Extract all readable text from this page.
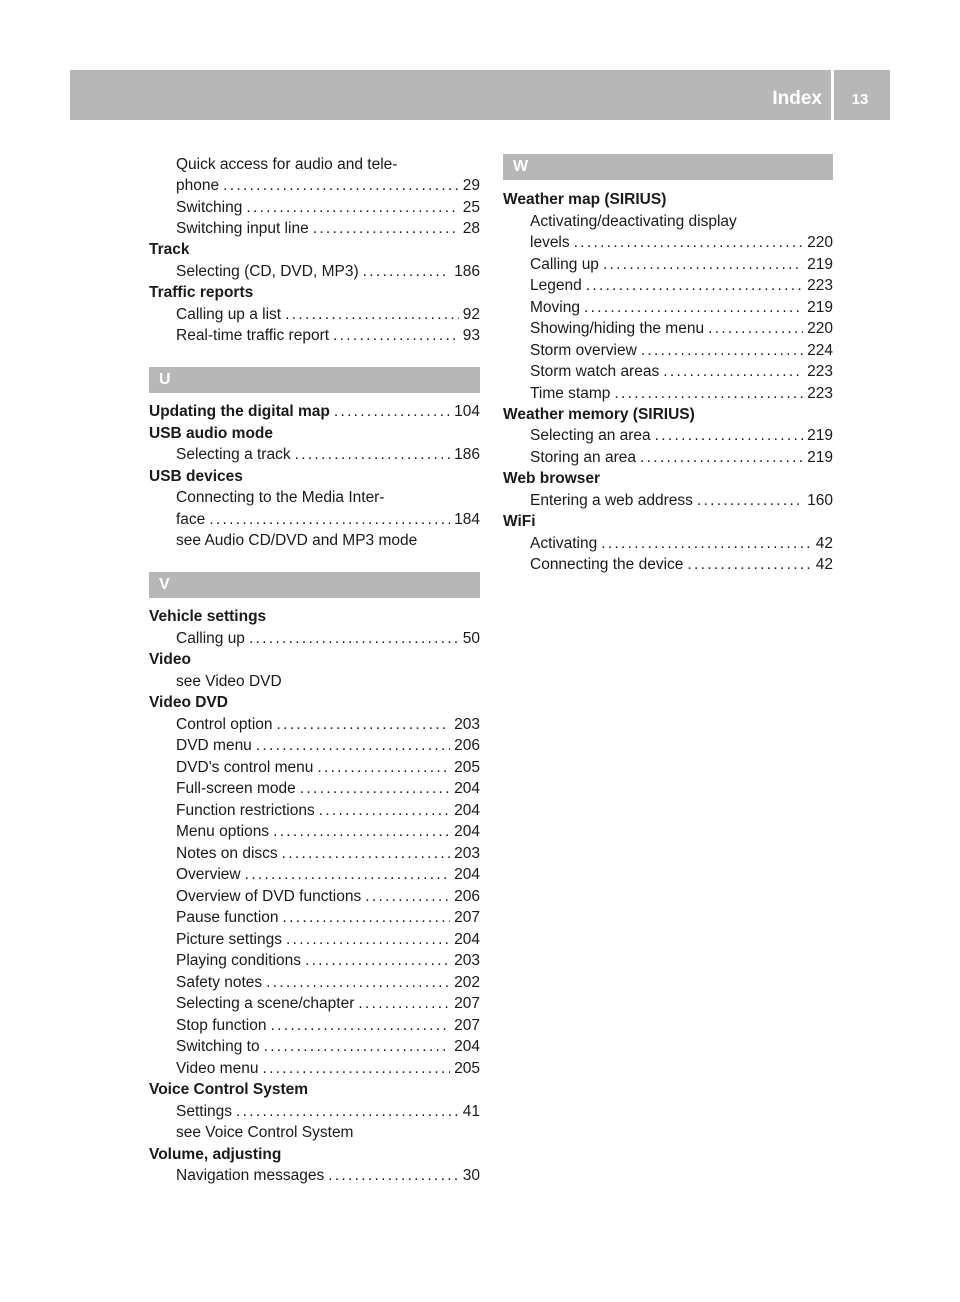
Index	13
Quick access for audio and tele-
phone . . .	29
Switching . . .	25
Switching input line . . .	28
Track
Selecting (CD, DVD, MP3) . . .	186
Traffic reports
Calling up a list . . .	92
Real-time traffic report . . .	93
U
Updating the digital map . . .	104
USB audio mode
Selecting a track . . .	186
USB devices
Connecting to the Media Inter-
face . . .	184
see Audio CD/DVD and MP3 mode
V
Vehicle settings
Calling up . . .	50
Video
see Video DVD
Video DVD
Control option . . .	203
DVD menu . . .	206
DVD's control menu . . .	205
Full-screen mode . . .	204
Function restrictions . . .	204
Menu options . . .	204
Notes on discs . . .	203
Overview . . .	204
Overview of DVD functions . . .	206
Pause function . . .	207
Picture settings . . .	204
Playing conditions . . .	203
Safety notes . . .	202
Selecting a scene/chapter . . .	207
Stop function . . .	207
Switching to . . .	204
Video menu . . .	205
Voice Control System
Settings . . .	41
see Voice Control System
Volume, adjusting
Navigation messages . . .	30
W
Weather map (SIRIUS)
Activating/deactivating display
levels . . .	220
Calling up . . .	219
Legend . . .	223
Moving . . .	219
Showing/hiding the menu . . .	220
Storm overview . . .	224
Storm watch areas . . .	223
Time stamp . . .	223
Weather memory (SIRIUS)
Selecting an area . . .	219
Storing an area . . .	219
Web browser
Entering a web address . . .	160
WiFi
Activating . . .	42
Connecting the device . . .	42
